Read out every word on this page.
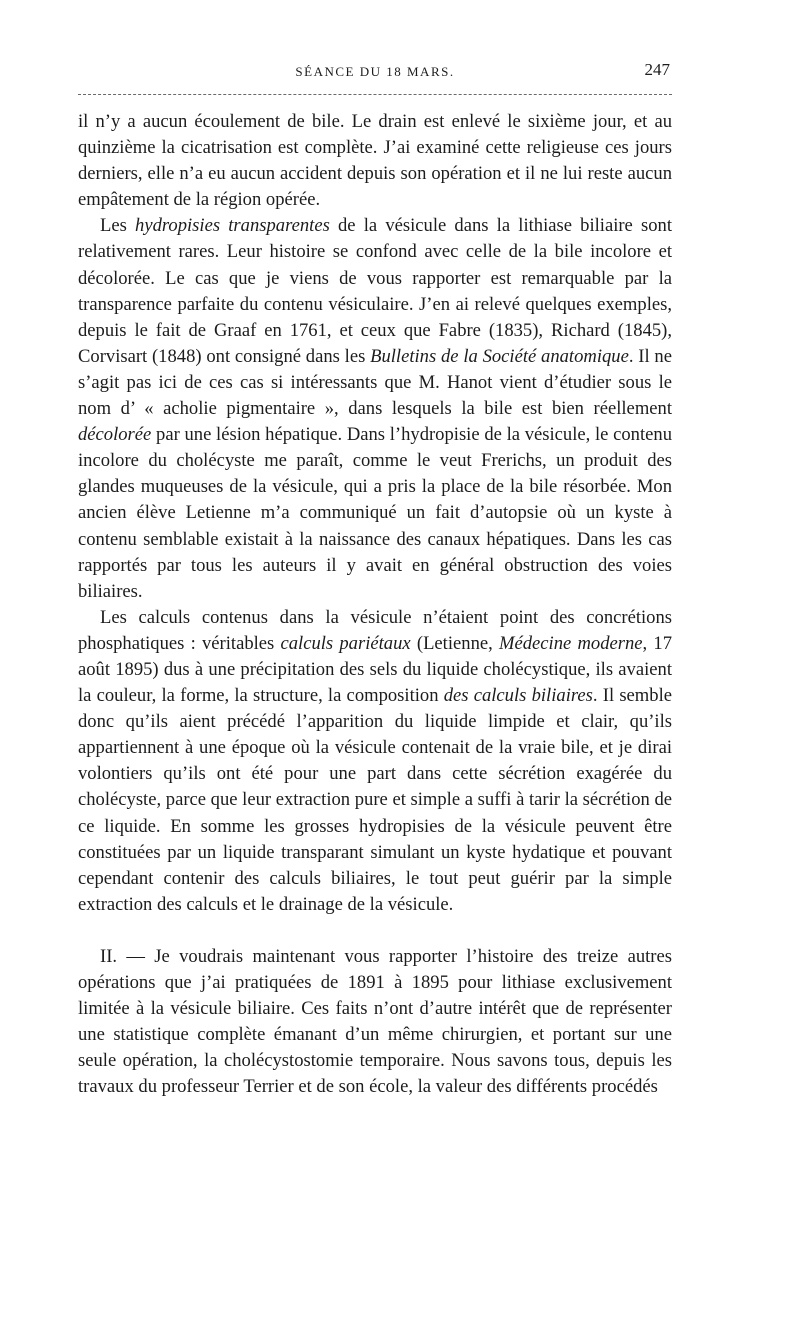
SÉANCE DU 18 MARS.	247

il n’y a aucun écoulement de bile. Le drain est enlevé le sixième jour, et au quinzième la cicatrisation est complète. J’ai examiné cette religieuse ces jours derniers, elle n’a eu aucun accident depuis son opération et il ne lui reste aucun empâtement de la région opérée.

Les hydropisies transparentes de la vésicule dans la lithiase biliaire sont relativement rares. Leur histoire se confond avec celle de la bile incolore et décolorée. Le cas que je viens de vous rapporter est remarquable par la transparence parfaite du contenu vésiculaire. J’en ai relevé quelques exemples, depuis le fait de Graaf en 1761, et ceux que Fabre (1835), Richard (1845), Corvisart (1848) ont consigné dans les Bulletins de la Société anatomique. Il ne s’agit pas ici de ces cas si intéressants que M. Hanot vient d’étudier sous le nom d’ « acholie pigmentaire », dans lesquels la bile est bien réellement décolorée par une lésion hépatique. Dans l’hydropisie de la vésicule, le contenu incolore du cholécyste me paraît, comme le veut Frerichs, un produit des glandes muqueuses de la vésicule, qui a pris la place de la bile résorbée. Mon ancien élève Letienne m’a communiqué un fait d’autopsie où un kyste à contenu semblable existait à la naissance des canaux hépatiques. Dans les cas rapportés par tous les auteurs il y avait en général obstruction des voies biliaires.

Les calculs contenus dans la vésicule n’étaient point des concrétions phosphatiques : véritables calculs pariétaux (Letienne, Médecine moderne, 17 août 1895) dus à une précipitation des sels du liquide cholécystique, ils avaient la couleur, la forme, la structure, la composition des calculs biliaires. Il semble donc qu’ils aient précédé l’apparition du liquide limpide et clair, qu’ils appartiennent à une époque où la vésicule contenait de la vraie bile, et je dirai volontiers qu’ils ont été pour une part dans cette sécrétion exagérée du cholécyste, parce que leur extraction pure et simple a suffi à tarir la sécrétion de ce liquide. En somme les grosses hydropisies de la vésicule peuvent être constituées par un liquide transparant simulant un kyste hydatique et pouvant cependant contenir des calculs biliaires, le tout peut guérir par la simple extraction des calculs et le drainage de la vésicule.

II. — Je voudrais maintenant vous rapporter l’histoire des treize autres opérations que j’ai pratiquées de 1891 à 1895 pour lithiase exclusivement limitée à la vésicule biliaire. Ces faits n’ont d’autre intérêt que de représenter une statistique complète émanant d’un même chirurgien, et portant sur une seule opération, la cholécystostomie temporaire. Nous savons tous, depuis les travaux du professeur Terrier et de son école, la valeur des différents procédés
